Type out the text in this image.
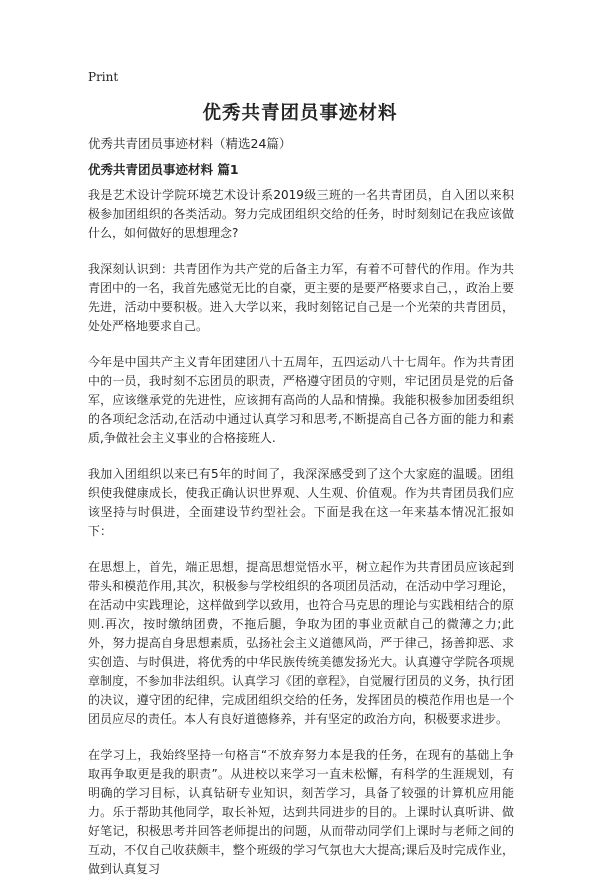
Print
优秀共青团员事迹材料
优秀共青团员事迹材料（精选24篇）
优秀共青团员事迹材料 篇1

我是艺术设计学院环境艺术设计系2019级三班的一名共青团员，自入团以来积极参加团组织的各类活动。努力完成团组织交给的任务，时时刻刻记在我应该做什么，如何做好的思想理念?

我深刻认识到：共青团作为共产党的后备主力军，有着不可替代的作用。作为共青团中的一名，我首先感觉无比的自豪，更主要的是要严格要求自己，，政治上要先进，活动中要积极。进入大学以来，我时刻铭记自己是一个光荣的共青团员，处处严格地要求自己。

今年是中国共产主义青年团建团八十五周年，五四运动八十七周年。作为共青团中的一员，我时刻不忘团员的职责，严格遵守团员的守则，牢记团员是党的后备军，应该继承党的先进性，应该拥有高尚的人品和情操。我能积极参加团委组织的各项纪念活动,在活动中通过认真学习和思考,不断提高自己各方面的能力和素质,争做社会主义事业的合格接班人.

我加入团组织以来已有5年的时间了，我深深感受到了这个大家庭的温暖。团组织使我健康成长，使我正确认识世界观、人生观、价值观。作为共青团员我们应该坚持与时俱进，全面建设节约型社会。下面是我在这一年来基本情况汇报如下：

在思想上，首先，端正思想，提高思想觉悟水平，树立起作为共青团员应该起到带头和模范作用,其次，积极参与学校组织的各项团员活动，在活动中学习理论，在活动中实践理论，这样做到学以致用，也符合马克思的理论与实践相结合的原则.再次，按时缴纳团费，不拖后腿，争取为团的事业贡献自己的微薄之力;此外，努力提高自身思想素质，弘扬社会主义道德风尚，严于律己，扬善抑恶、求实创造、与时俱进，将优秀的中华民族传统美德发扬光大。认真遵守学院各项规章制度，不参加非法组织。认真学习《团的章程》，自觉履行团员的义务，执行团的决议，遵守团的纪律，完成团组织交给的任务，发挥团员的模范作用也是一个团员应尽的责任。本人有良好道德修养，并有坚定的政治方向，积极要求进步。

在学习上，我始终坚持一句格言“不放弃努力本是我的任务，在现有的基础上争取再争取更是我的职责”。从进校以来学习一直未松懈，有科学的生涯规划，有明确的学习目标，认真钻研专业知识，刻苦学习，具备了较强的计算机应用能力。乐于帮助其他同学，取长补短，达到共同进步的目的。上课时认真听讲、做好笔记，积极思考并回答老师提出的问题，从而带动同学们上课时与老师之间的互动，不仅自己收获颇丰，整个班级的学习气氛也大大提高;课后及时完成作业，做到认真复习
